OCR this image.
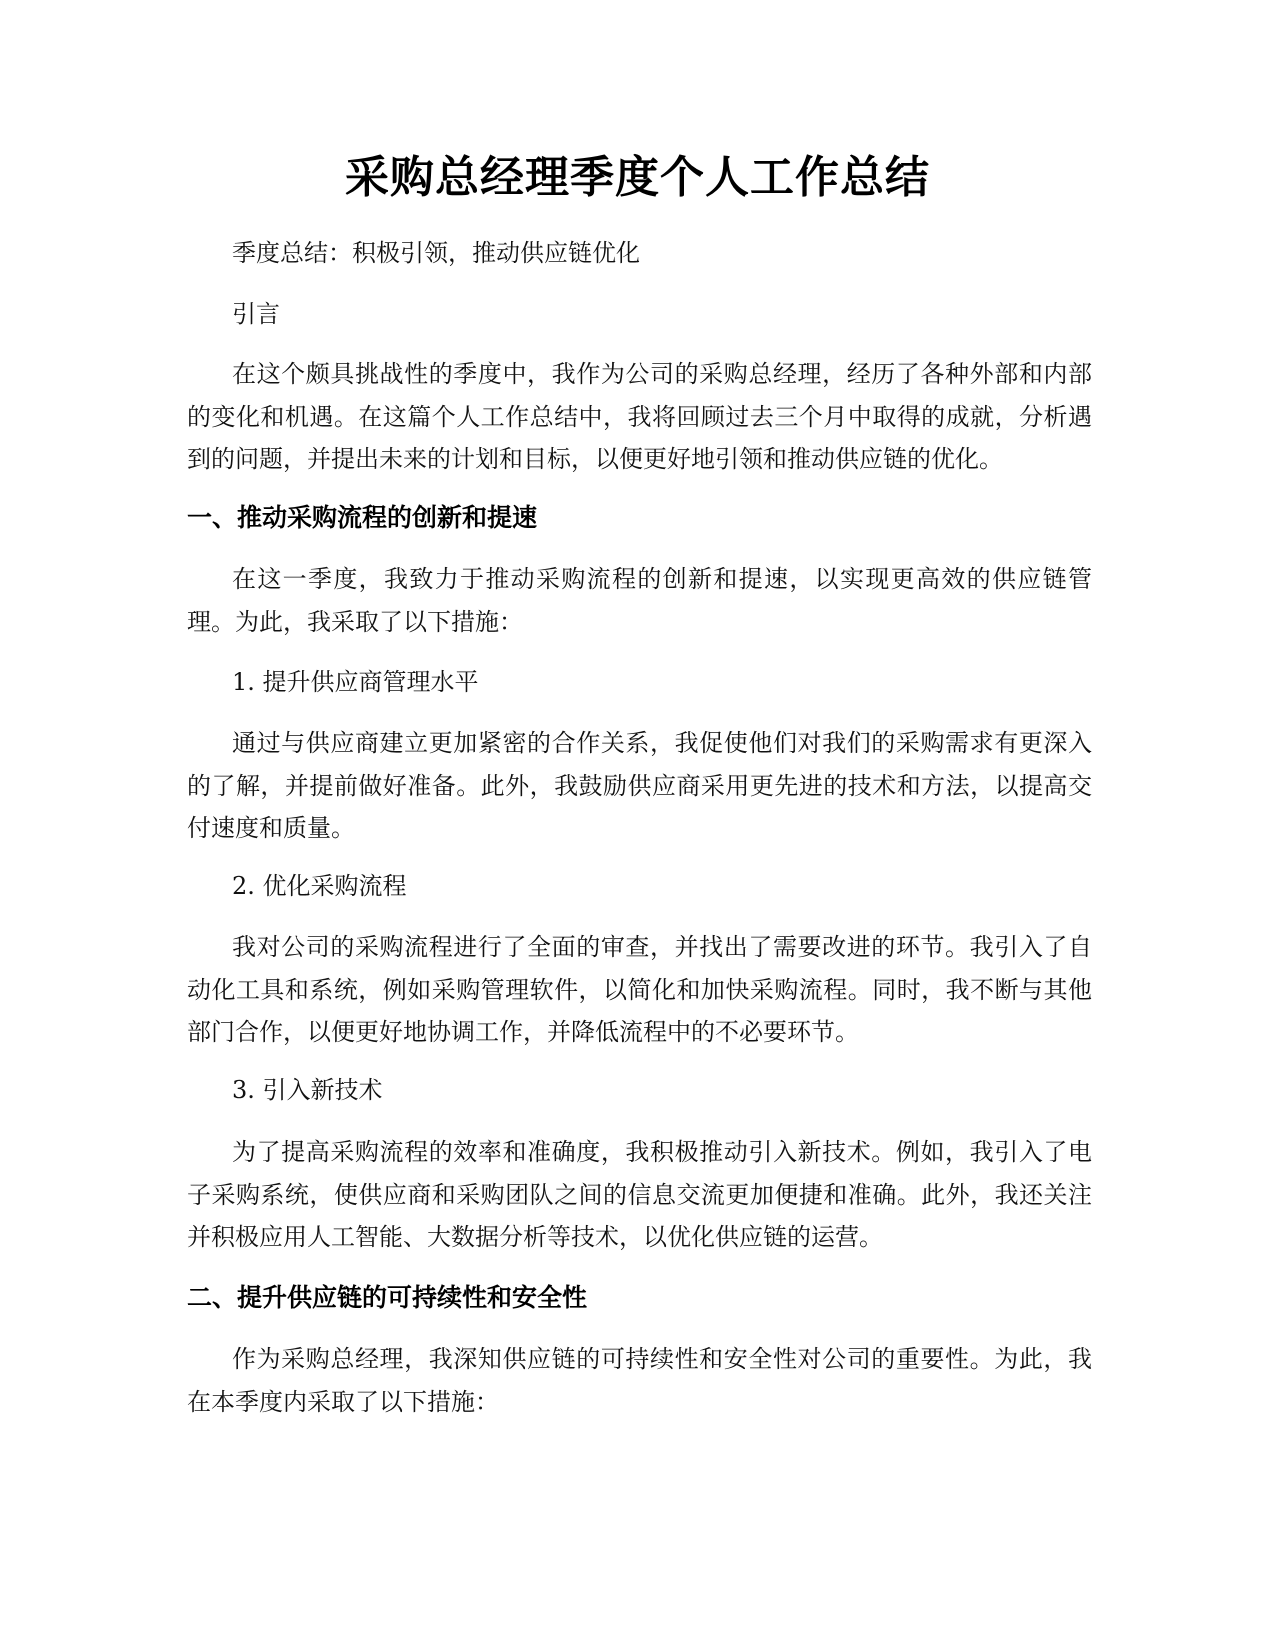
采购总经理季度个人工作总结
季度总结：积极引领，推动供应链优化
引言
在这个颇具挑战性的季度中，我作为公司的采购总经理，经历了各种外部和内部的变化和机遇。在这篇个人工作总结中，我将回顾过去三个月中取得的成就，分析遇到的问题，并提出未来的计划和目标，以便更好地引领和推动供应链的优化。
一、推动采购流程的创新和提速
在这一季度，我致力于推动采购流程的创新和提速，以实现更高效的供应链管理。为此，我采取了以下措施：
1. 提升供应商管理水平
通过与供应商建立更加紧密的合作关系，我促使他们对我们的采购需求有更深入的了解，并提前做好准备。此外，我鼓励供应商采用更先进的技术和方法，以提高交付速度和质量。
2. 优化采购流程
我对公司的采购流程进行了全面的审查，并找出了需要改进的环节。我引入了自动化工具和系统，例如采购管理软件，以简化和加快采购流程。同时，我不断与其他部门合作，以便更好地协调工作，并降低流程中的不必要环节。
3. 引入新技术
为了提高采购流程的效率和准确度，我积极推动引入新技术。例如，我引入了电子采购系统，使供应商和采购团队之间的信息交流更加便捷和准确。此外，我还关注并积极应用人工智能、大数据分析等技术，以优化供应链的运营。
二、提升供应链的可持续性和安全性
作为采购总经理，我深知供应链的可持续性和安全性对公司的重要性。为此，我在本季度内采取了以下措施：
